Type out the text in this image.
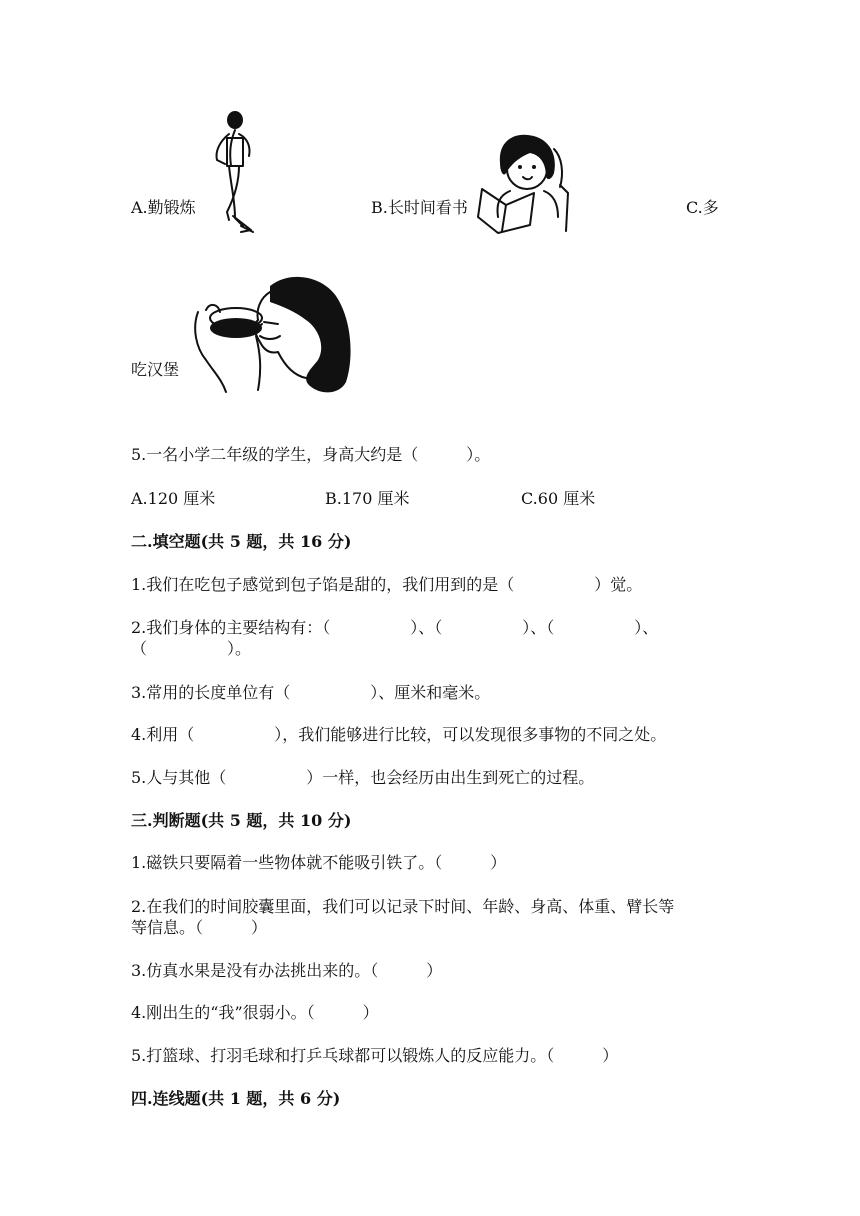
A.勤锻炼	B.长时间看书	C.多
吃汉堡
5.一名小学二年级的学生，身高大约是（　　　）。
A.120 厘米	B.170 厘米	C.60 厘米
二.填空题(共 5 题，共 16 分)
1.我们在吃包子感觉到包子馅是甜的，我们用到的是（　　　　　）觉。
2.我们身体的主要结构有：（　　　　　）、（　　　　　）、（　　　　　）、
（　　　　　）。
3.常用的长度单位有（　　　　　）、厘米和毫米。
4.利用（　　　　　），我们能够进行比较，可以发现很多事物的不同之处。
5.人与其他（　　　　　）一样，也会经历由出生到死亡的过程。
三.判断题(共 5 题，共 10 分)
1.磁铁只要隔着一些物体就不能吸引铁了。（　　　）
2.在我们的时间胶囊里面，我们可以记录下时间、年龄、身高、体重、臂长等
等信息。（　　　）
3.仿真水果是没有办法挑出来的。（　　　）
4.刚出生的“我”很弱小。（　　　）
5.打篮球、打羽毛球和打乒乓球都可以锻炼人的反应能力。（　　　）
四.连线题(共 1 题，共 6 分)
